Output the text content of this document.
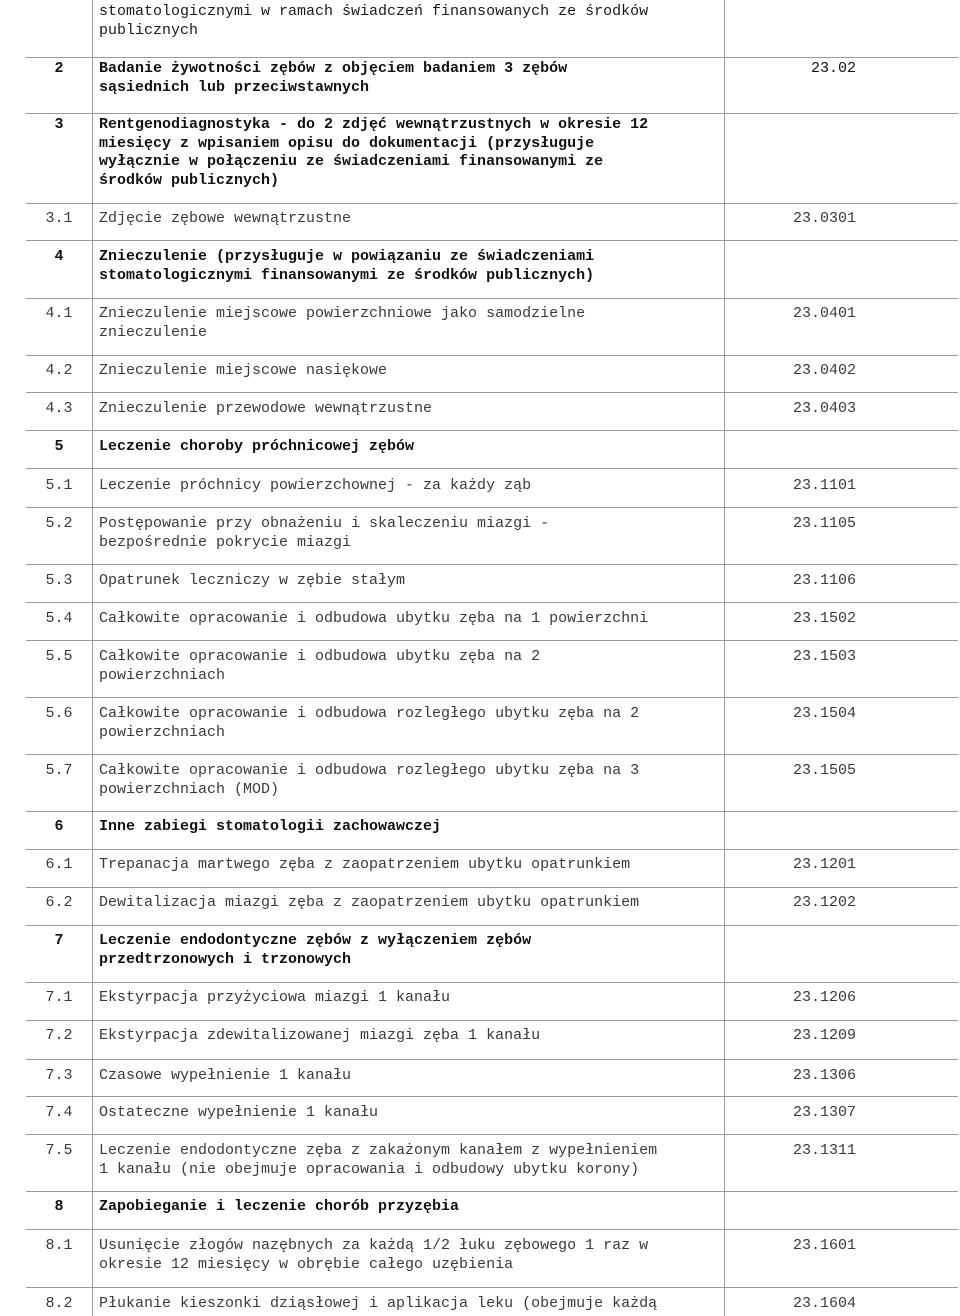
stomatologicznymi w ramach świadczeń finansowanych ze środków
publicznych
2	Badanie żywotności zębów z objęciem badaniem 3 zębów
sąsiednich lub przeciwstawnych
23.02
3	Rentgenodiagnostyka - do 2 zdjęć wewnątrzustnych w okresie 12
miesięcy z wpisaniem opisu do dokumentacji (przysługuje
wyłącznie w połączeniu ze świadczeniami finansowanymi ze
środków publicznych)
3.1	Zdjęcie zębowe wewnątrzustne	23.0301
4	Znieczulenie (przysługuje w powiązaniu ze świadczeniami
stomatologicznymi finansowanymi ze środków publicznych)
4.1	Znieczulenie miejscowe powierzchniowe jako samodzielne
znieczulenie
23.0401
4.2	Znieczulenie miejscowe nasiękowe	23.0402
4.3	Znieczulenie przewodowe wewnątrzustne	23.0403
5	Leczenie choroby próchnicowej zębów
5.1	Leczenie próchnicy powierzchownej - za każdy ząb	23.1101
5.2	Postępowanie przy obnażeniu i skaleczeniu miazgi -
bezpośrednie pokrycie miazgi
23.1105
5.3	Opatrunek leczniczy w zębie stałym	23.1106
5.4	Całkowite opracowanie i odbudowa ubytku zęba na 1 powierzchni	23.1502
5.5	Całkowite opracowanie i odbudowa ubytku zęba na 2
powierzchniach
23.1503
5.6	Całkowite opracowanie i odbudowa rozległego ubytku zęba na 2
powierzchniach
23.1504
5.7	Całkowite opracowanie i odbudowa rozległego ubytku zęba na 3
powierzchniach (MOD)
23.1505
6	Inne zabiegi stomatologii zachowawczej
6.1	Trepanacja martwego zęba z zaopatrzeniem ubytku opatrunkiem	23.1201
6.2	Dewitalizacja miazgi zęba z zaopatrzeniem ubytku opatrunkiem	23.1202
7	Leczenie endodontyczne zębów z wyłączeniem zębów
przedtrzonowych i trzonowych
7.1	Ekstyrpacja przyżyciowa miazgi 1 kanału	23.1206
7.2	Ekstyrpacja zdewitalizowanej miazgi zęba 1 kanału	23.1209
7.3	Czasowe wypełnienie 1 kanału	23.1306
7.4	Ostateczne wypełnienie 1 kanału	23.1307
7.5	Leczenie endodontyczne zęba z zakażonym kanałem z wypełnieniem
1 kanału (nie obejmuje opracowania i odbudowy ubytku korony)
23.1311
8	Zapobieganie i leczenie chorób przyzębia
8.1	Usunięcie złogów nazębnych za każdą 1/2 łuku zębowego 1 raz w
okresie 12 miesięcy w obrębie całego uzębienia
23.1601
8.2	Płukanie kieszonki dziąsłowej i aplikacja leku (obejmuje każdą	23.1604
